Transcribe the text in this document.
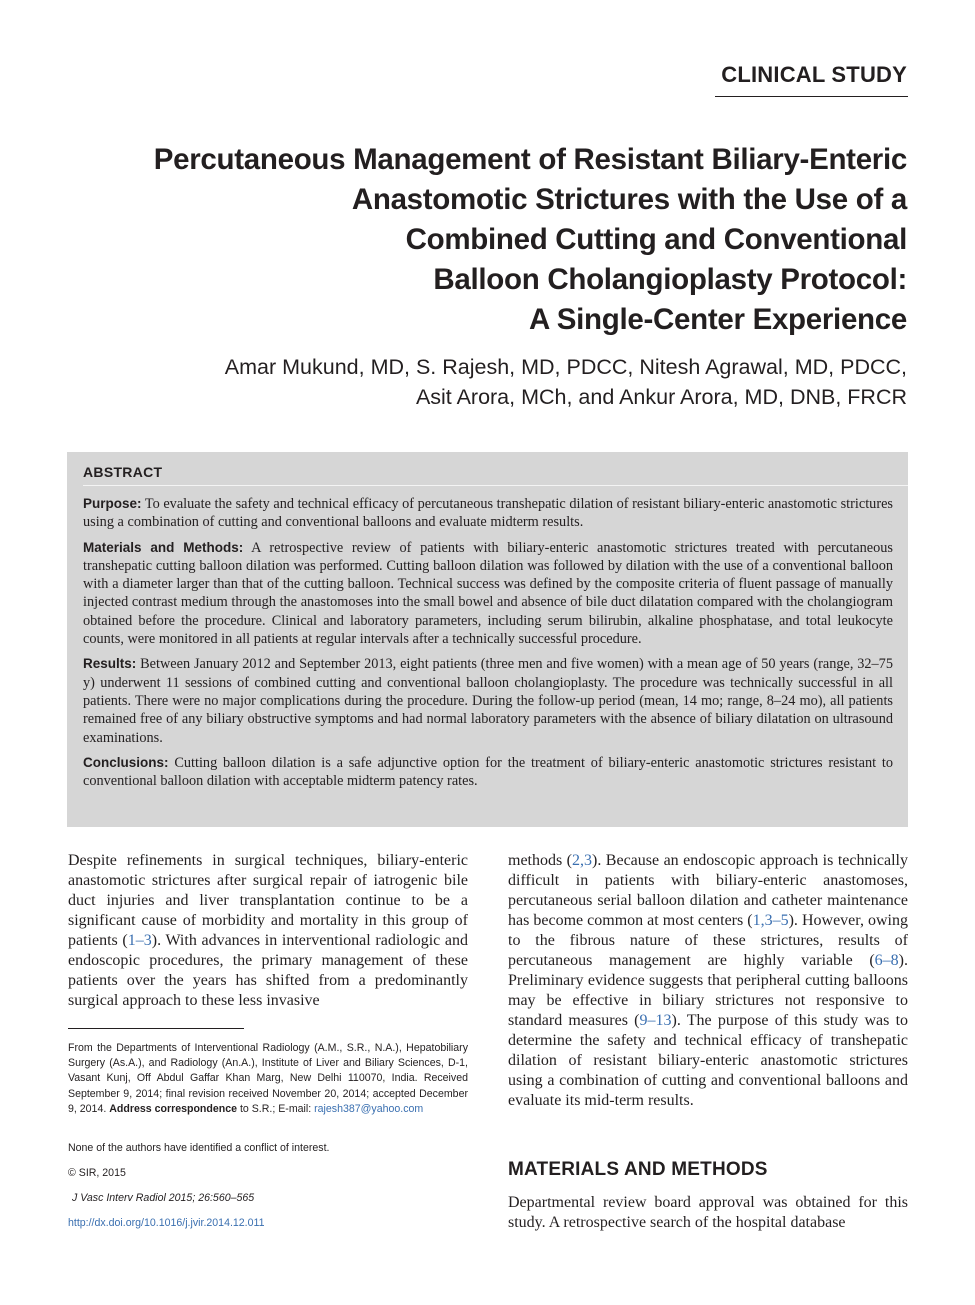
CLINICAL STUDY
Percutaneous Management of Resistant Biliary-Enteric
Anastomotic Strictures with the Use of a
Combined Cutting and Conventional
Balloon Cholangioplasty Protocol:
A Single-Center Experience

Amar Mukund, MD, S. Rajesh, MD, PDCC, Nitesh Agrawal, MD, PDCC,
Asit Arora, MCh, and Ankur Arora, MD, DNB, FRCR

ABSTRACT

Purpose: To evaluate the safety and technical efficacy of percutaneous transhepatic dilation of resistant biliary-enteric anastomotic strictures using a combination of cutting and conventional balloons and evaluate midterm results.

Materials and Methods: A retrospective review of patients with biliary-enteric anastomotic strictures treated with percutaneous transhepatic cutting balloon dilation was performed. Cutting balloon dilation was followed by dilation with the use of a conventional balloon with a diameter larger than that of the cutting balloon. Technical success was defined by the composite criteria of fluent passage of manually injected contrast medium through the anastomoses into the small bowel and absence of bile duct dilatation compared with the cholangiogram obtained before the procedure. Clinical and laboratory parameters, including serum bilirubin, alkaline phosphatase, and total leukocyte counts, were monitored in all patients at regular intervals after a technically successful procedure.

Results: Between January 2012 and September 2013, eight patients (three men and five women) with a mean age of 50 years (range, 32–75 y) underwent 11 sessions of combined cutting and conventional balloon cholangioplasty. The procedure was technically successful in all patients. There were no major complications during the procedure. During the follow-up period (mean, 14 mo; range, 8–24 mo), all patients remained free of any biliary obstructive symptoms and had normal laboratory parameters with the absence of biliary dilatation on ultrasound examinations.

Conclusions: Cutting balloon dilation is a safe adjunctive option for the treatment of biliary-enteric anastomotic strictures resistant to conventional balloon dilation with acceptable midterm patency rates.

Despite refinements in surgical techniques, biliary-enteric anastomotic strictures after surgical repair of iatrogenic bile duct injuries and liver transplantation continue to be a significant cause of morbidity and mortality in this group of patients (1–3). With advances in interventional radiologic and endoscopic procedures, the primary management of these patients over the years has shifted from a predominantly surgical approach to these less invasive

methods (2,3). Because an endoscopic approach is technically difficult in patients with biliary-enteric anastomoses, percutaneous serial balloon dilation and catheter maintenance has become common at most centers (1,3–5). However, owing to the fibrous nature of these strictures, results of percutaneous management are highly variable (6–8). Preliminary evidence suggests that peripheral cutting balloons may be effective in biliary strictures not responsive to standard measures (9–13). The purpose of this study was to determine the safety and technical efficacy of transhepatic dilation of resistant biliary-enteric anastomotic strictures using a combination of cutting and conventional balloons and evaluate its mid-term results.

From the Departments of Interventional Radiology (A.M., S.R., N.A.), Hepatobiliary Surgery (As.A.), and Radiology (An.A.), Institute of Liver and Biliary Sciences, D-1, Vasant Kunj, Off Abdul Gaffar Khan Marg, New Delhi 110070, India. Received September 9, 2014; final revision received November 20, 2014; accepted December 9, 2014. Address correspondence to S.R.; E-mail: rajesh387@yahoo.com

None of the authors have identified a conflict of interest.

© SIR, 2015

J Vasc Interv Radiol 2015; 26:560–565

http://dx.doi.org/10.1016/j.jvir.2014.12.011

MATERIALS AND METHODS

Departmental review board approval was obtained for this study. A retrospective search of the hospital database
